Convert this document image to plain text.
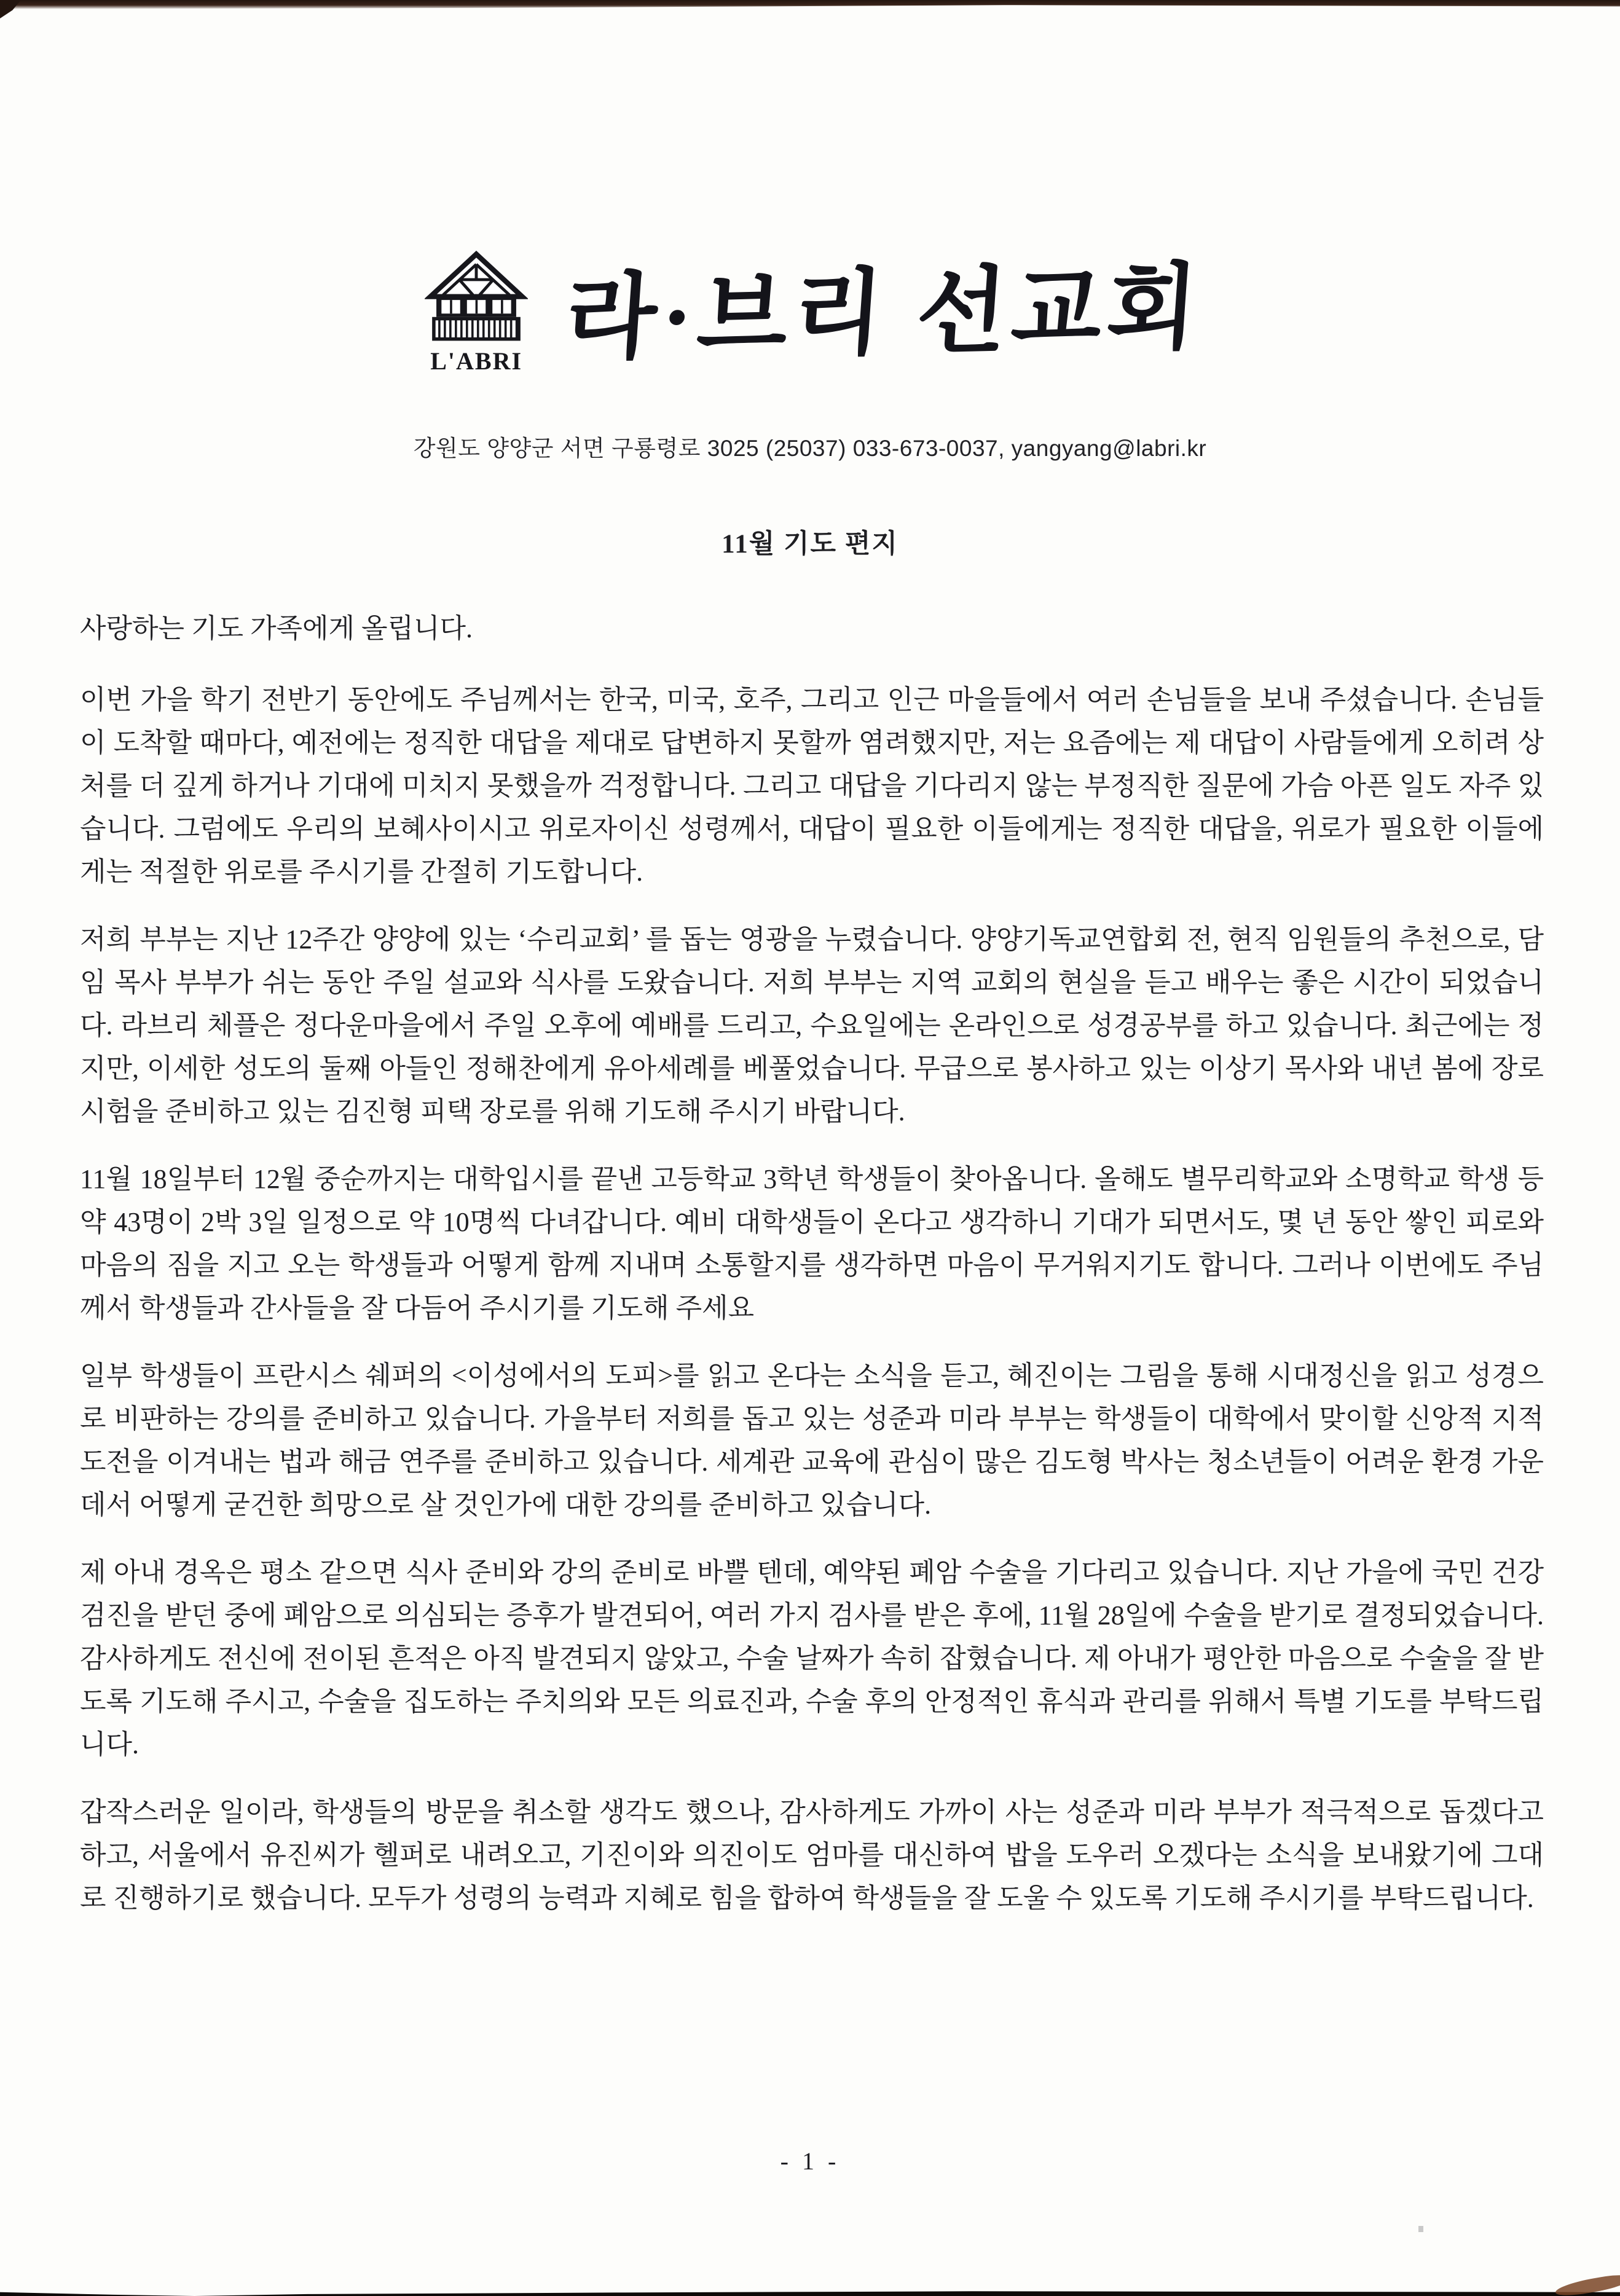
L'ABRI 라·브리 선교회
강원도 양양군 서면 구룡령로 3025 (25037) 033-673-0037, yangyang@labri.kr
11월 기도 편지

사랑하는 기도 가족에게 올립니다.

이번 가을 학기 전반기 동안에도 주님께서는 한국, 미국, 호주, 그리고 인근 마을들에서 여러 손님들을 보내 주셨습니다. 손님들이 도착할 때마다, 예전에는 정직한 대답을 제대로 답변하지 못할까 염려했지만, 저는 요즘에는 제 대답이 사람들에게 오히려 상처를 더 깊게 하거나 기대에 미치지 못했을까 걱정합니다. 그리고 대답을 기다리지 않는 부정직한 질문에 가슴 아픈 일도 자주 있습니다. 그럼에도 우리의 보혜사이시고 위로자이신 성령께서, 대답이 필요한 이들에게는 정직한 대답을, 위로가 필요한 이들에게는 적절한 위로를 주시기를 간절히 기도합니다.

저희 부부는 지난 12주간 양양에 있는 ‘수리교회’ 를 돕는 영광을 누렸습니다. 양양기독교연합회 전, 현직 임원들의 추천으로, 담임 목사 부부가 쉬는 동안 주일 설교와 식사를 도왔습니다. 저희 부부는 지역 교회의 현실을 듣고 배우는 좋은 시간이 되었습니다. 라브리 체플은 정다운마을에서 주일 오후에 예배를 드리고, 수요일에는 온라인으로 성경공부를 하고 있습니다. 최근에는 정지만, 이세한 성도의 둘째 아들인 정해찬에게 유아세례를 베풀었습니다. 무급으로 봉사하고 있는 이상기 목사와 내년 봄에 장로 시험을 준비하고 있는 김진형 피택 장로를 위해 기도해 주시기 바랍니다.

11월 18일부터 12월 중순까지는 대학입시를 끝낸 고등학교 3학년 학생들이 찾아옵니다. 올해도 별무리학교와 소명학교 학생 등 약 43명이 2박 3일 일정으로 약 10명씩 다녀갑니다. 예비 대학생들이 온다고 생각하니 기대가 되면서도, 몇 년 동안 쌓인 피로와 마음의 짐을 지고 오는 학생들과 어떻게 함께 지내며 소통할지를 생각하면 마음이 무거워지기도 합니다. 그러나 이번에도 주님께서 학생들과 간사들을 잘 다듬어 주시기를 기도해 주세요

일부 학생들이 프란시스 쉐퍼의 <이성에서의 도피>를 읽고 온다는 소식을 듣고, 혜진이는 그림을 통해 시대정신을 읽고 성경으로 비판하는 강의를 준비하고 있습니다. 가을부터 저희를 돕고 있는 성준과 미라 부부는 학생들이 대학에서 맞이할 신앙적 지적 도전을 이겨내는 법과 해금 연주를 준비하고 있습니다. 세계관 교육에 관심이 많은 김도형 박사는 청소년들이 어려운 환경 가운데서 어떻게 굳건한 희망으로 살 것인가에 대한 강의를 준비하고 있습니다.

제 아내 경옥은 평소 같으면 식사 준비와 강의 준비로 바쁠 텐데, 예약된 폐암 수술을 기다리고 있습니다. 지난 가을에 국민 건강 검진을 받던 중에 폐암으로 의심되는 증후가 발견되어, 여러 가지 검사를 받은 후에, 11월 28일에 수술을 받기로 결정되었습니다. 감사하게도 전신에 전이된 흔적은 아직 발견되지 않았고, 수술 날짜가 속히 잡혔습니다. 제 아내가 평안한 마음으로 수술을 잘 받도록 기도해 주시고, 수술을 집도하는 주치의와 모든 의료진과, 수술 후의 안정적인 휴식과 관리를 위해서 특별 기도를 부탁드립니다.

갑작스러운 일이라, 학생들의 방문을 취소할 생각도 했으나, 감사하게도 가까이 사는 성준과 미라 부부가 적극적으로 돕겠다고 하고, 서울에서 유진씨가 헬퍼로 내려오고, 기진이와 의진이도 엄마를 대신하여 밥을 도우러 오겠다는 소식을 보내왔기에 그대로 진행하기로 했습니다. 모두가 성령의 능력과 지혜로 힘을 합하여 학생들을 잘 도울 수 있도록 기도해 주시기를 부탁드립니다.

- 1 -
